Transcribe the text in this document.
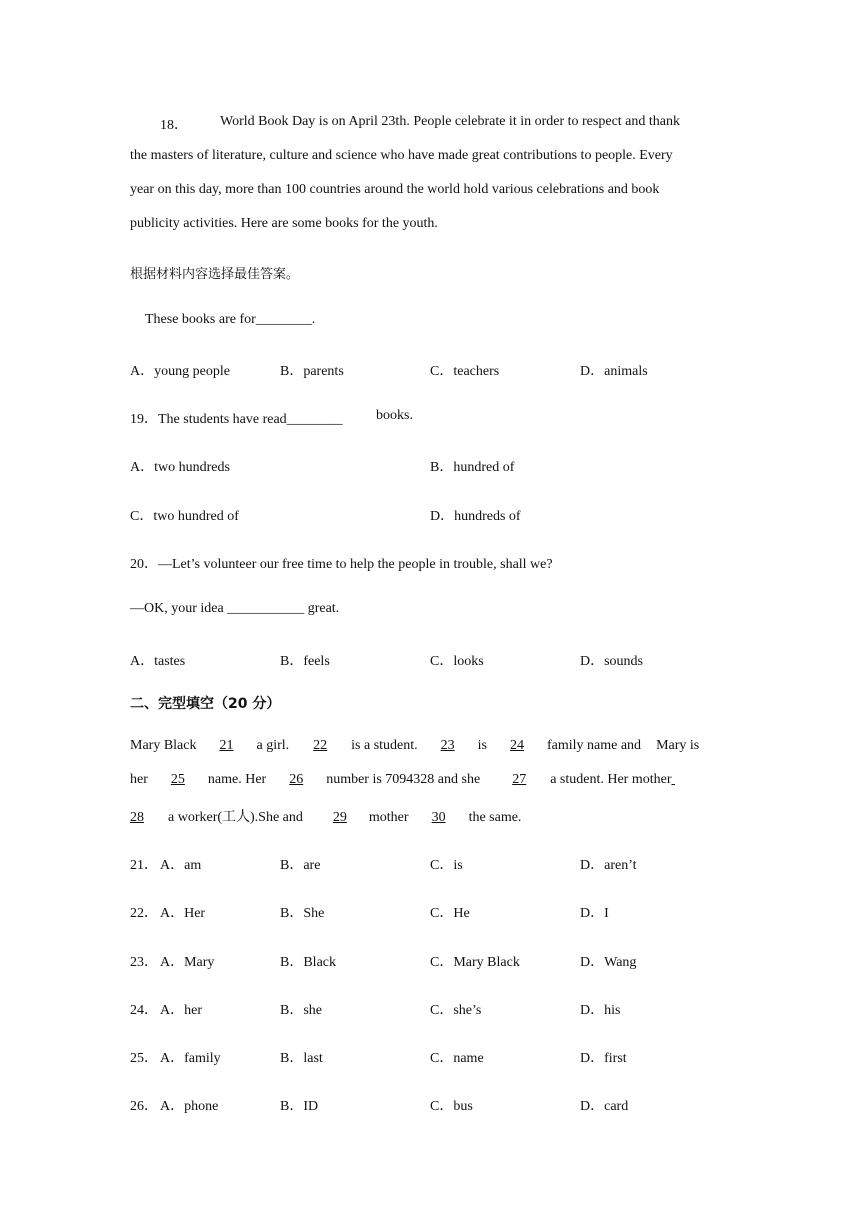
18． World Book Day is on April 23th. People celebrate it in order to respect and thank
the masters of literature, culture and science who have made great contributions to people. Every
year on this day, more than 100 countries around the world hold various celebrations and book
publicity activities. Here are some books for the youth.
根据材料内容选择最佳答案。
These books are for________.
A．young people	B．parents	C．teachers	D．animals
19．The students have read________ books.
A．two hundreds	B．hundred of
C．two hundred of	D．hundreds of
20．—Let’s volunteer our free time to help the people in trouble, shall we?
—OK, your idea ___________ great.
A．tastes	B．feels	C．looks	D．sounds
二、完型填空（20 分）
Mary Black 21 a girl. 22 is a student. 23 is 24 family name and Mary is
her 25 name. Her 26 number is 7094328 and she 27 a student. Her mother
28 a worker(工人).She and 29 mother 30 the same.
21． A．am	B．are	C．is	D．aren’t
22． A．Her	B．She	C．He	D．I
23． A．Mary	B．Black	C．Mary Black	D．Wang
24． A．her	B．she	C．she’s	D．his
25． A．family	B．last	C．name	D．first
26． A．phone	B．ID	C．bus	D．card
